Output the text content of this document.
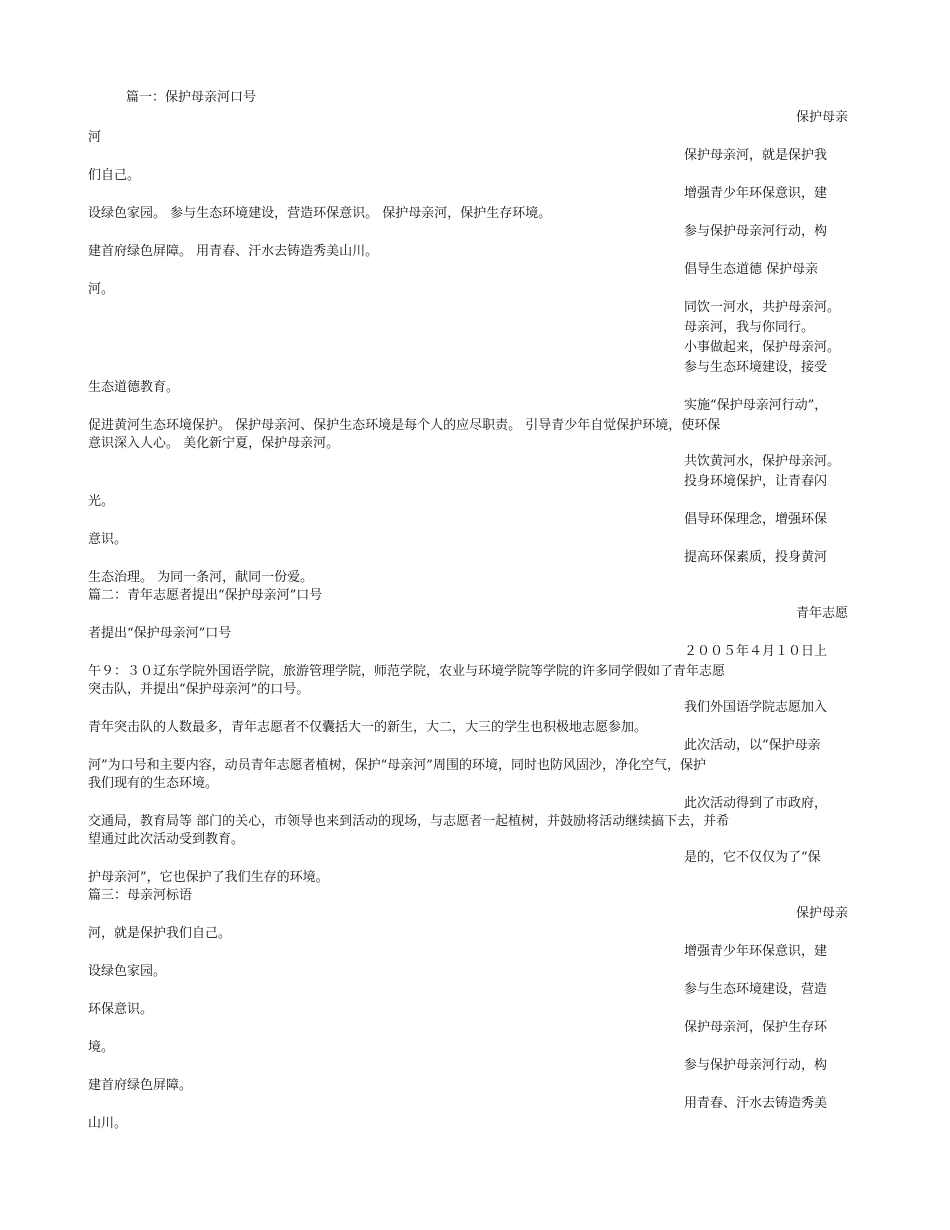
篇一：保护母亲河口号
保护母亲
河
保护母亲河，就是保护我
们自己。
增强青少年环保意识，建
设绿色家园。 参与生态环境建设，营造环保意识。 保护母亲河，保护生存环境。
参与保护母亲河行动，构
建首府绿色屏障。 用青春、汗水去铸造秀美山川。
倡导生态道德 保护母亲
河。
同饮一河水，共护母亲河。
母亲河，我与你同行。
小事做起来，保护母亲河。
参与生态环境建设，接受
生态道德教育。
实施“保护母亲河行动”，
促进黄河生态环境保护。 保护母亲河、保护生态环境是每个人的应尽职责。 引导青少年自觉保护环境，使环保
意识深入人心。 美化新宁夏，保护母亲河。
共饮黄河水，保护母亲河。
投身环境保护，让青春闪
光。
倡导环保理念，增强环保
意识。
提高环保素质，投身黄河
生态治理。 为同一条河，献同一份爱。
篇二：青年志愿者提出“保护母亲河”口号
青年志愿
者提出“保护母亲河”口号
２００５年４月１０日上
午９：３０辽东学院外国语学院，旅游管理学院，师范学院，农业与环境学院等学院的许多同学假如了青年志愿
突击队，并提出“保护母亲河”的口号。
我们外国语学院志愿加入
青年突击队的人数最多，青年志愿者不仅囊括大一的新生，大二，大三的学生也积极地志愿参加。
此次活动，以“保护母亲
河”为口号和主要内容，动员青年志愿者植树，保护“母亲河”周围的环境，同时也防风固沙，净化空气，保护
我们现有的生态环境。
此次活动得到了市政府，
交通局，教育局等 部门的关心，市领导也来到活动的现场，与志愿者一起植树，并鼓励将活动继续搞下去，并希
望通过此次活动受到教育。
是的，它不仅仅为了“保
护母亲河”，它也保护了我们生存的环境。
篇三：母亲河标语
保护母亲
河，就是保护我们自己。
增强青少年环保意识，建
设绿色家园。
参与生态环境建设，营造
环保意识。
保护母亲河，保护生存环
境。
参与保护母亲河行动，构
建首府绿色屏障。
用青春、汗水去铸造秀美
山川。
